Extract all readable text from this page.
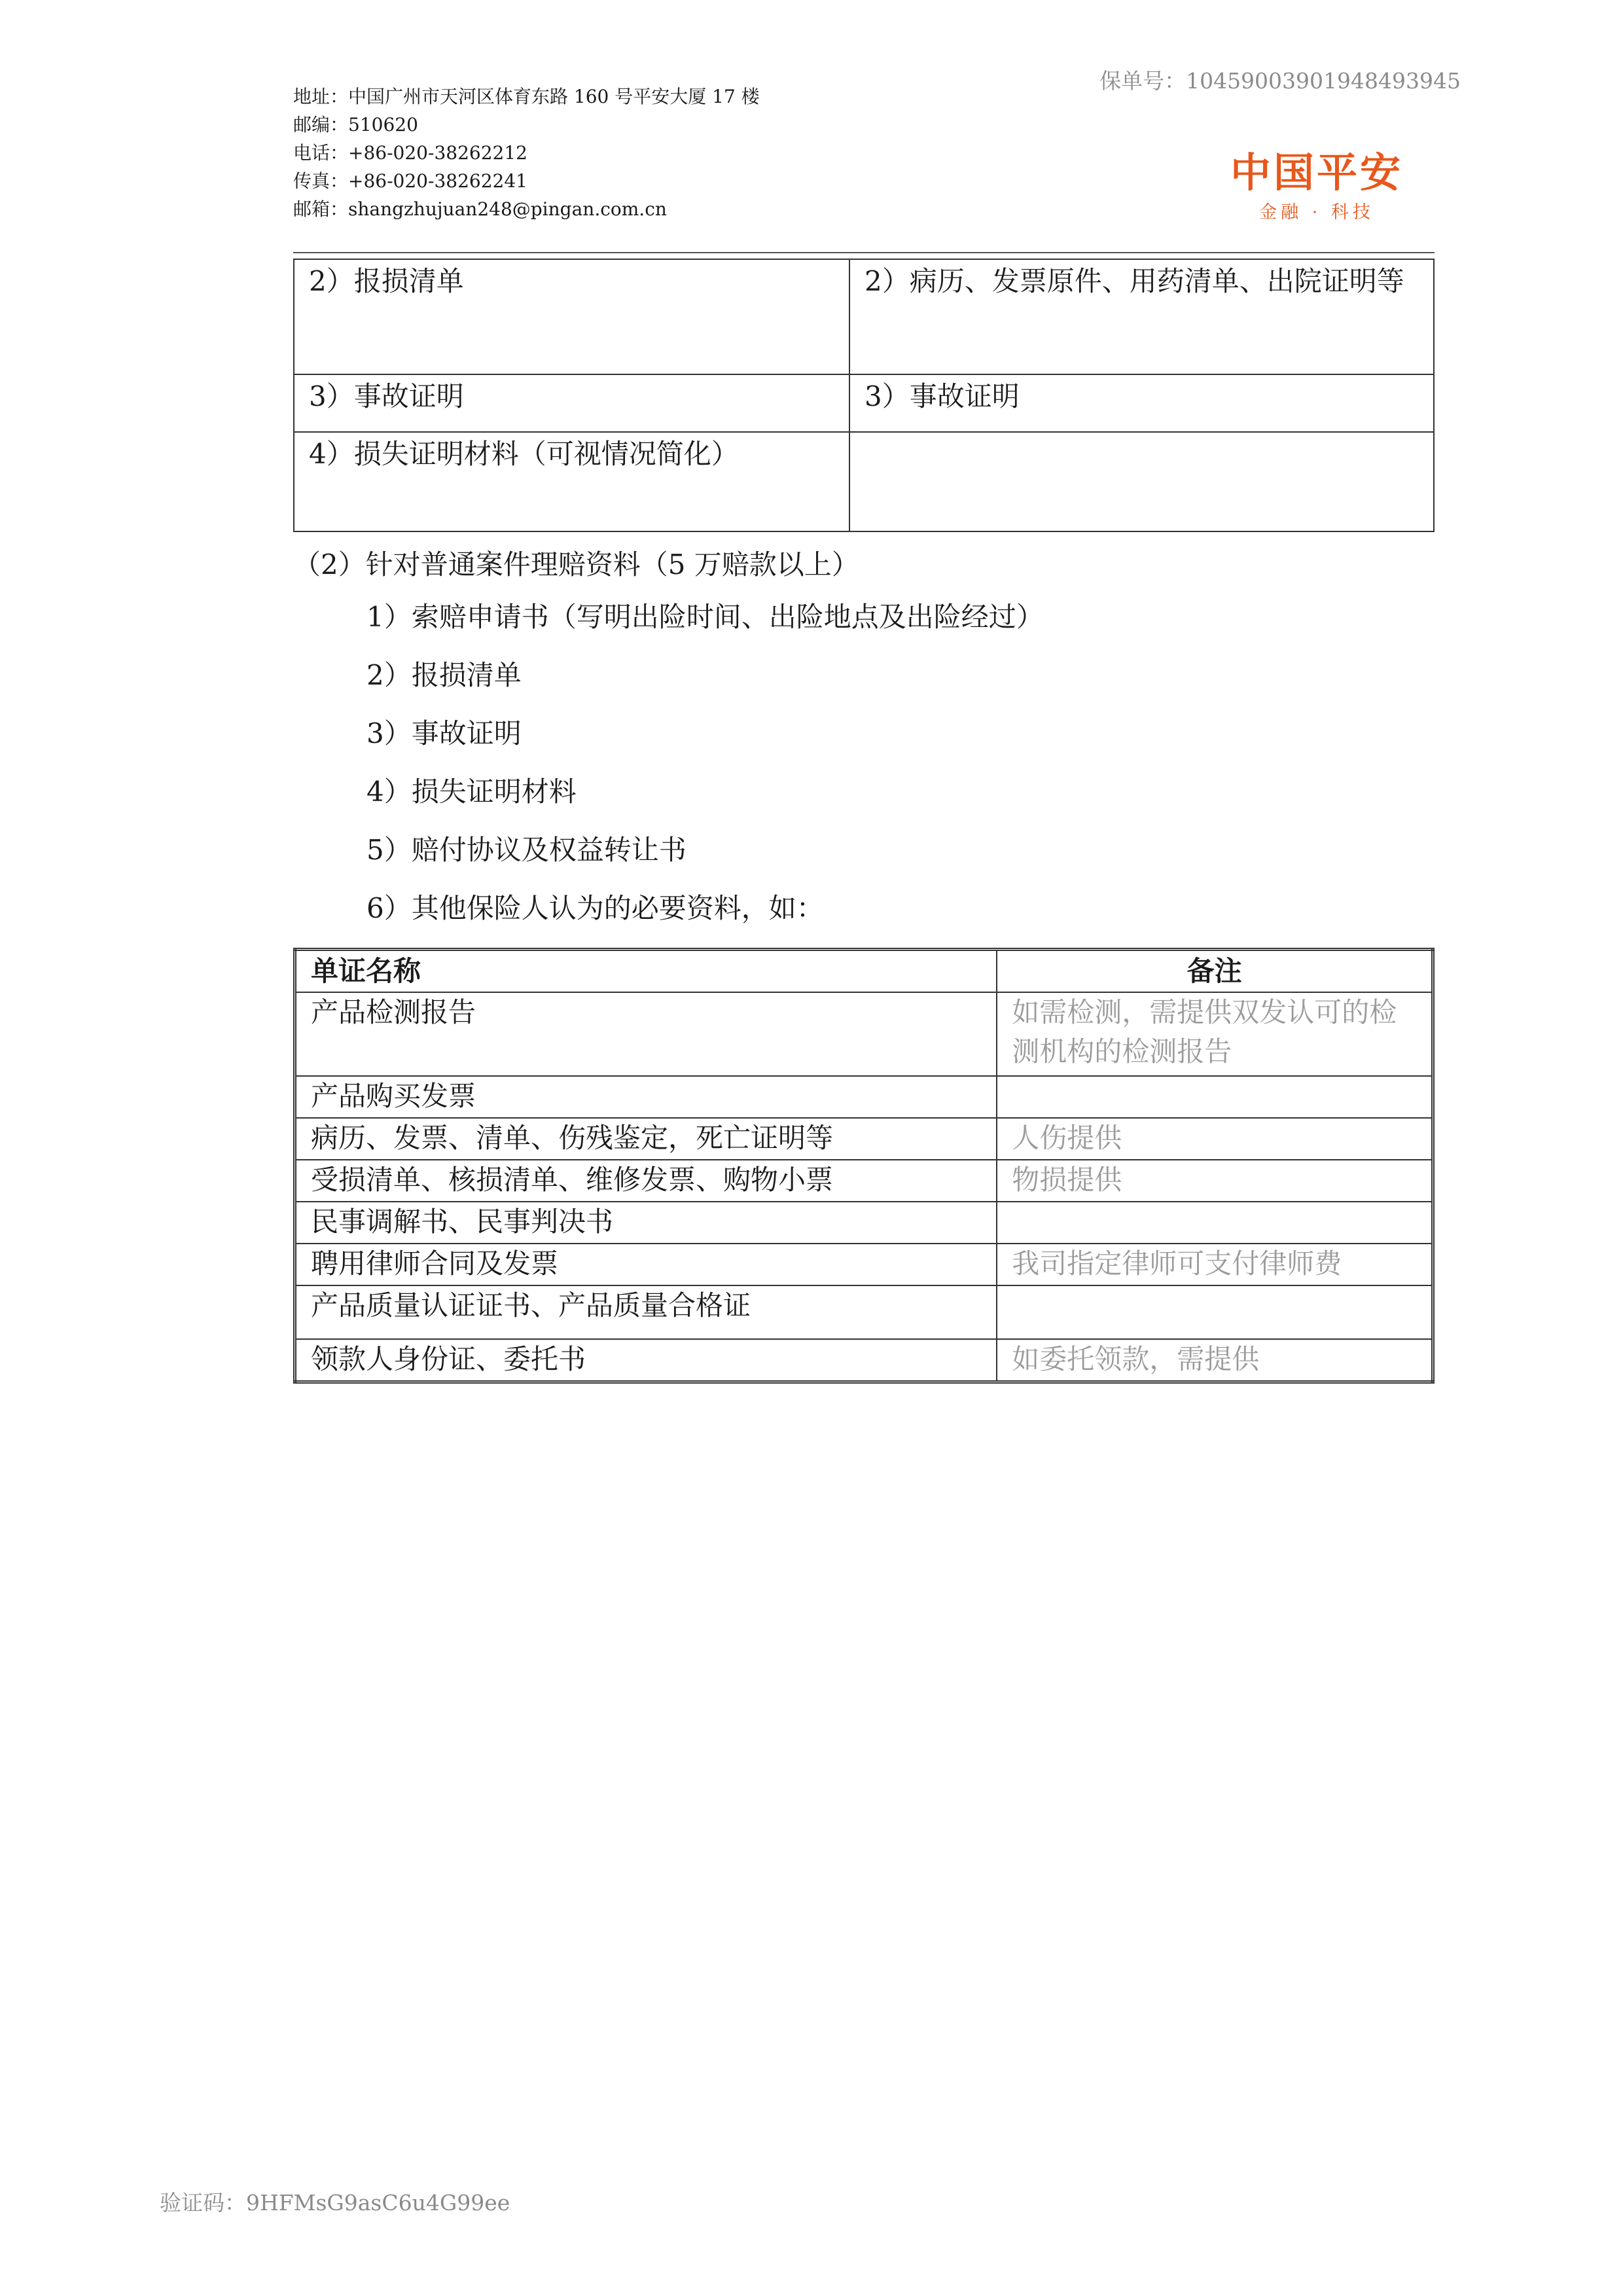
保单号：10459003901948493945
地址：中国广州市天河区体育东路 160 号平安大厦 17 楼
邮编：510620
电话：+86-020-38262212
传真：+86-020-38262241
邮箱：shangzhujuan248@pingan.com.cn
中国平安
金融 · 科技
2）报损清单	2）病历、发票原件、用药清单、出院证明等
3）事故证明	3）事故证明
4）损失证明材料（可视情况简化）	
（2）针对普通案件理赔资料（5 万赔款以上）
1）索赔申请书（写明出险时间、出险地点及出险经过）
2）报损清单
3）事故证明
4）损失证明材料
5）赔付协议及权益转让书
6）其他保险人认为的必要资料，如：
单证名称	备注
产品检测报告	如需检测，需提供双发认可的检测机构的检测报告
产品购买发票	
病历、发票、清单、伤残鉴定，死亡证明等	人伤提供
受损清单、核损清单、维修发票、购物小票	物损提供
民事调解书、民事判决书	
聘用律师合同及发票	我司指定律师可支付律师费
产品质量认证证书、产品质量合格证	
领款人身份证、委托书	如委托领款，需提供
验证码：9HFMsG9asC6u4G99ee
